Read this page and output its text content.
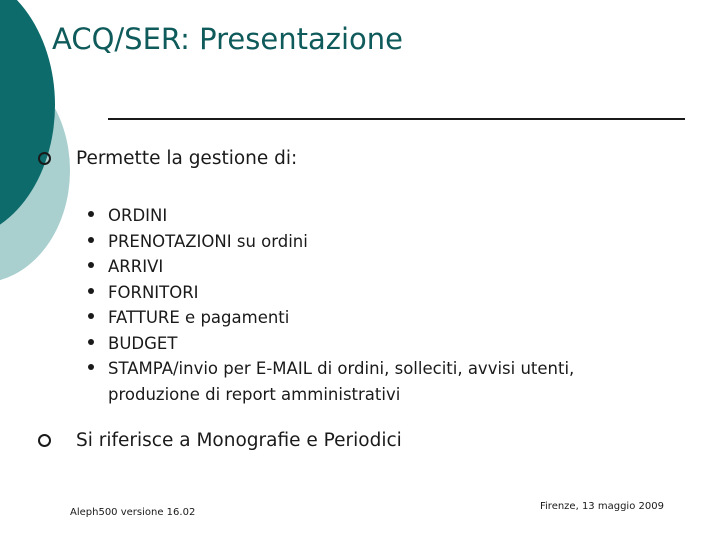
ACQ/SER: Presentazione
Permette la gestione di:
ORDINI
PRENOTAZIONI su ordini
ARRIVI
FORNITORI
FATTURE e pagamenti
BUDGET
STAMPA/invio per E-MAIL di ordini, solleciti, avvisi utenti, produzione di report amministrativi
Si riferisce a Monografie e Periodici
Aleph500 versione 16.02
Firenze, 13 maggio 2009
